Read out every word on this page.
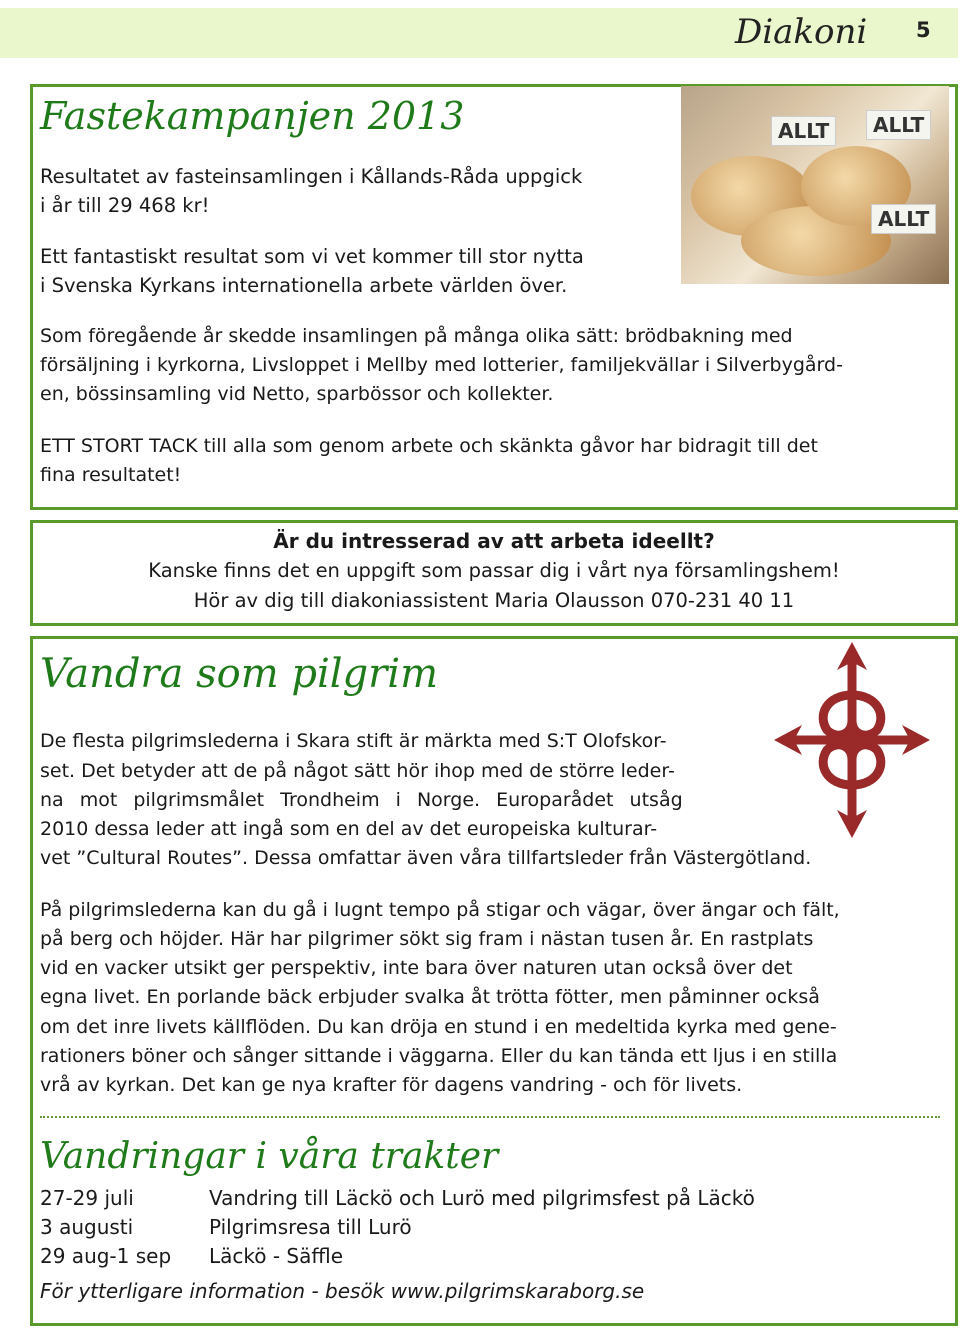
Diakoni 5
Fastekampanjen 2013
Resultatet av fasteinsamlingen i Kållands-Råda uppgick
i år till 29 468 kr!
Ett fantastiskt resultat som vi vet kommer till stor nytta
i Svenska Kyrkans internationella arbete världen över.
ALLT	ALLT
ALLT
Som föregående år skedde insamlingen på många olika sätt: brödbakning med
försäljning i kyrkorna, Livsloppet i Mellby med lotterier, familjekvällar i Silverbygård-
en, bössinsamling vid Netto, sparbössor och kollekter.
ETT STORT TACK till alla som genom arbete och skänkta gåvor har bidragit till det
fina resultatet!
Är du intresserad av att arbeta ideellt?
Kanske finns det en uppgift som passar dig i vårt nya församlingshem!
Hör av dig till diakoniassistent Maria Olausson 070-231 40 11
Vandra som pilgrim
De flesta pilgrimslederna i Skara stift är märkta med S:T Olofskor-
set. Det betyder att de på något sätt hör ihop med de större leder-
na mot pilgrimsmålet Trondheim i Norge. Europarådet utsåg
2010 dessa leder att ingå som en del av det europeiska kulturar-
vet ”Cultural Routes”. Dessa omfattar även våra tillfartsleder från Västergötland.
På pilgrimslederna kan du gå i lugnt tempo på stigar och vägar, över ängar och fält,
på berg och höjder. Här har pilgrimer sökt sig fram i nästan tusen år. En rastplats
vid en vacker utsikt ger perspektiv, inte bara över naturen utan också över det
egna livet. En porlande bäck erbjuder svalka åt trötta fötter, men påminner också
om det inre livets källflöden. Du kan dröja en stund i en medeltida kyrka med gene-
rationers böner och sånger sittande i väggarna. Eller du kan tända ett ljus i en stilla
vrå av kyrkan. Det kan ge nya krafter för dagens vandring - och för livets.
Vandringar i våra trakter
27-29 juli	Vandring till Läckö och Lurö med pilgrimsfest på Läckö
3 augusti	Pilgrimsresa till Lurö
29 aug-1 sep Läckö - Säffle
För ytterligare information - besök www.pilgrimskaraborg.se
